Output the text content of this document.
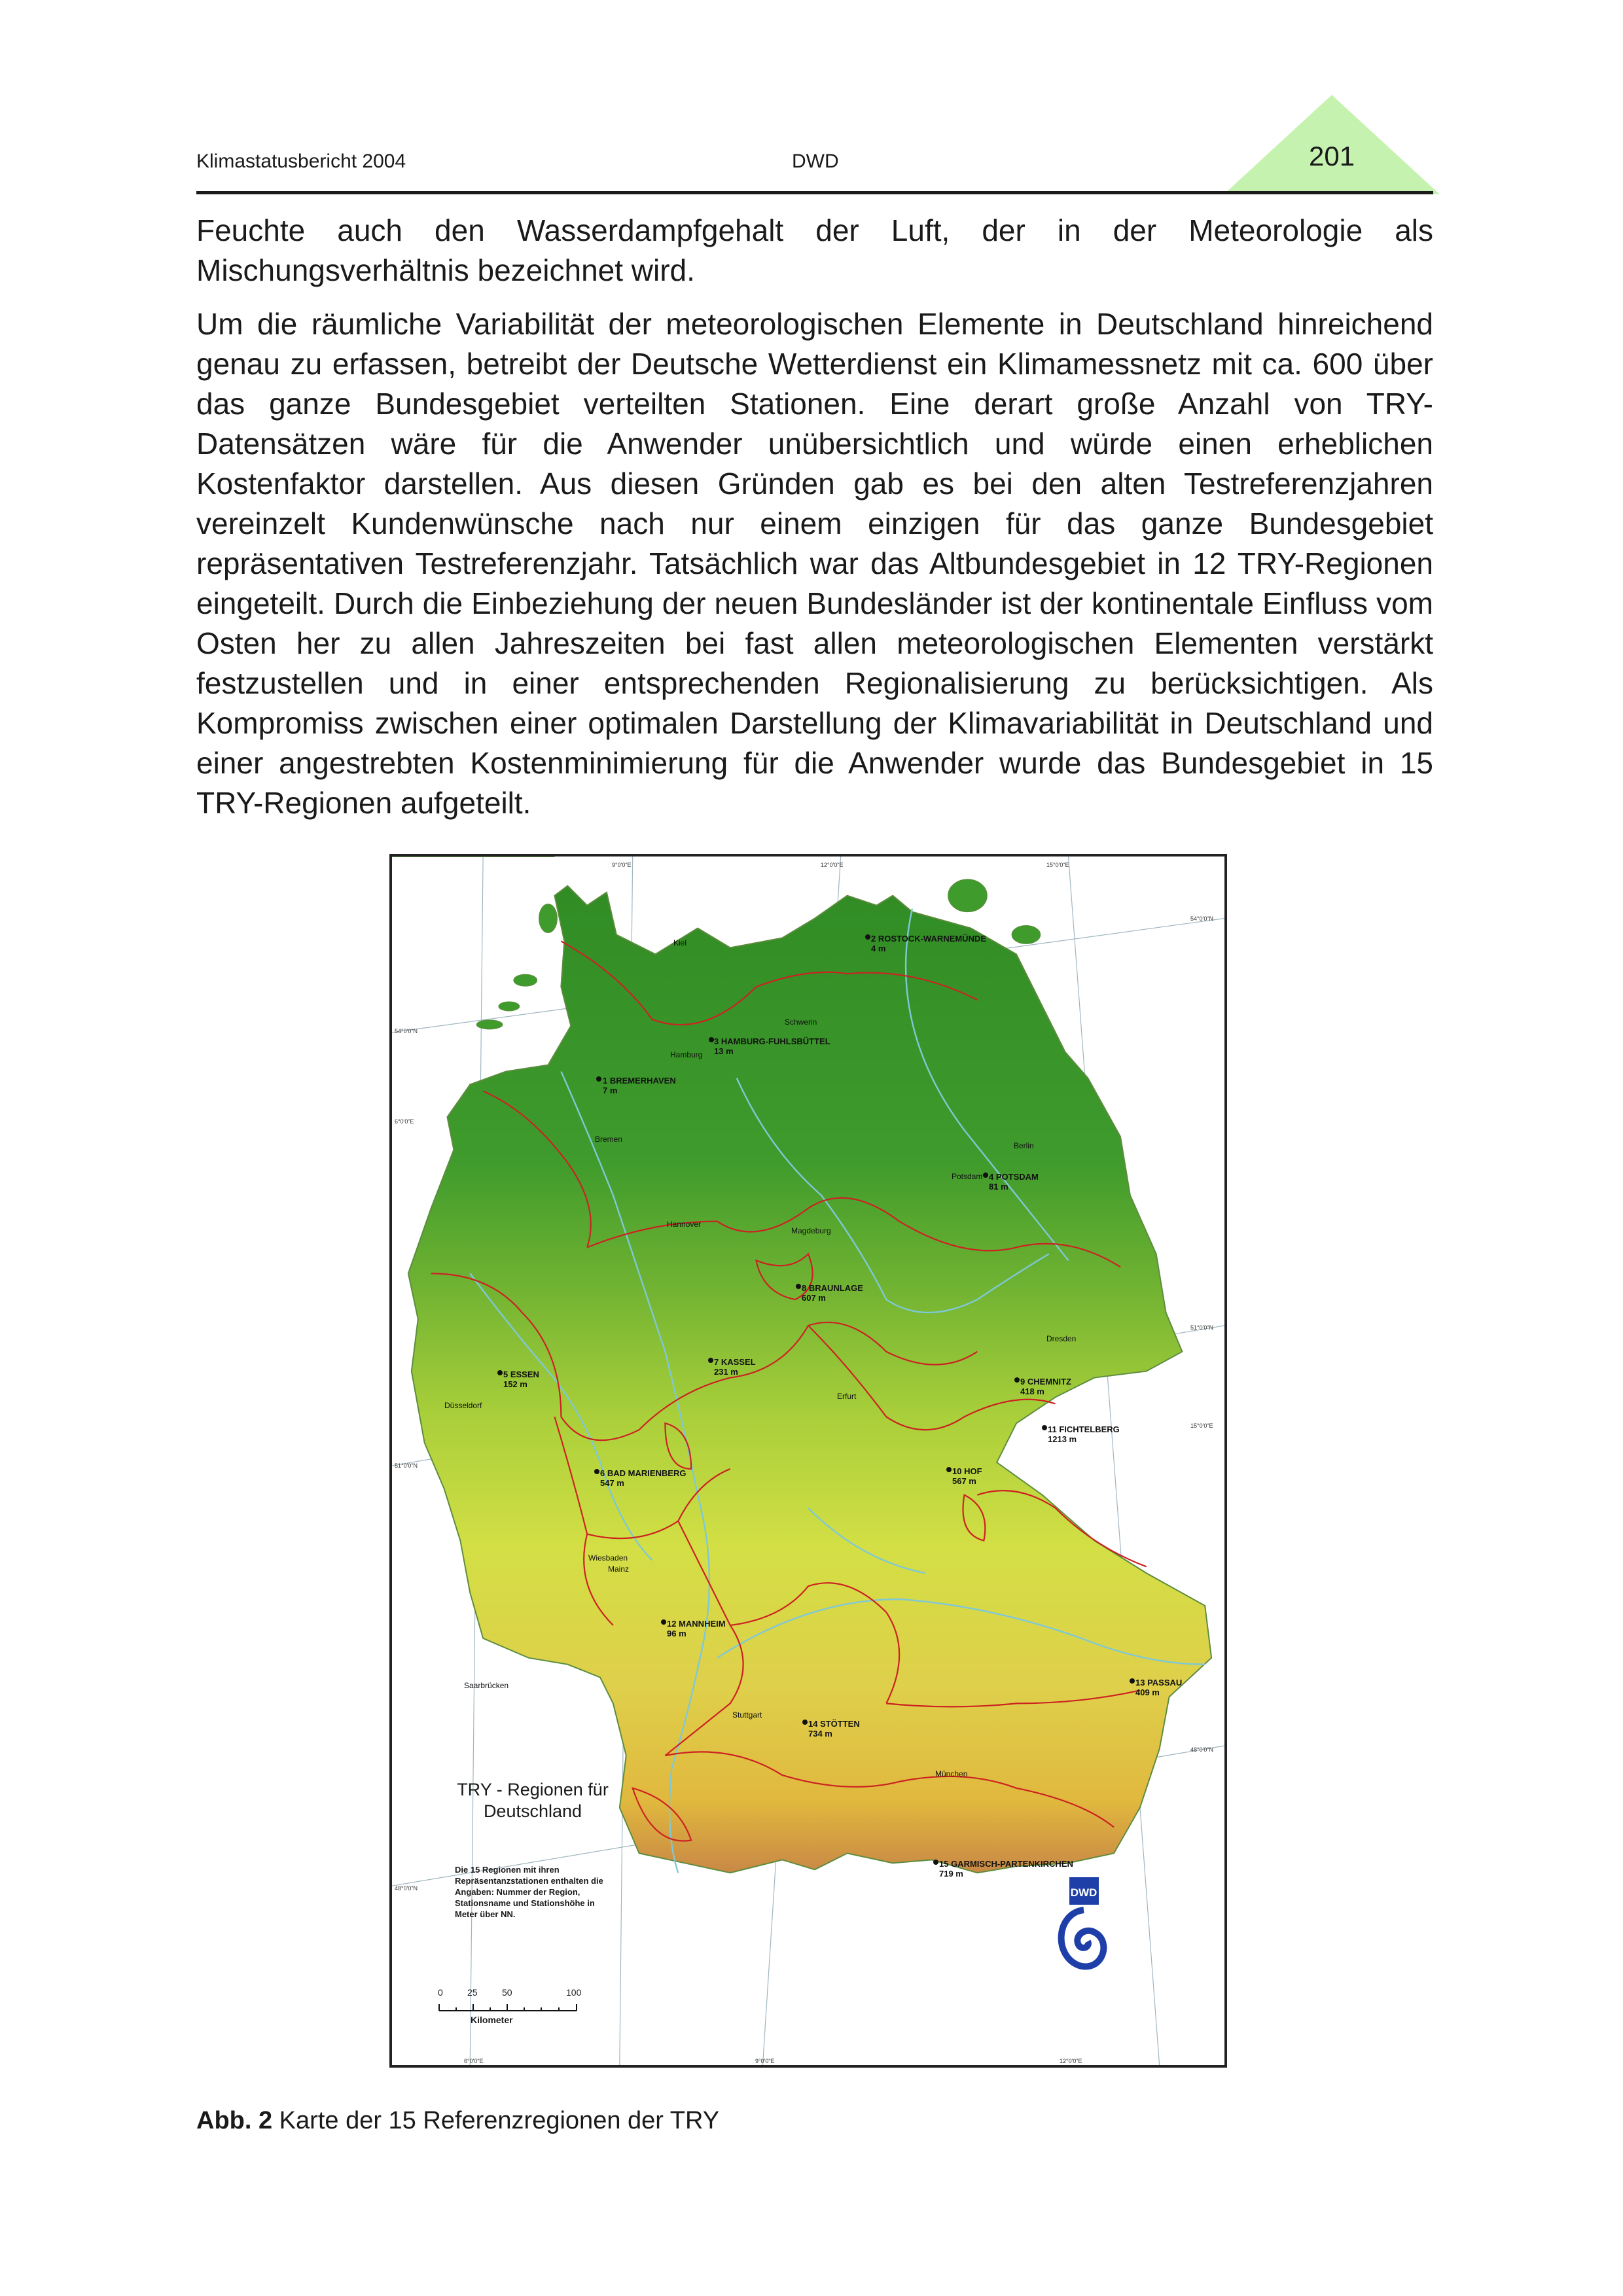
Klimastatusbericht 2004	DWD	201
Feuchte auch den Wasserdampfgehalt der Luft, der in der Meteorologie als Mischungsverhältnis bezeichnet wird.
Um die räumliche Variabilität der meteorologischen Elemente in Deutschland hinreichend genau zu erfassen, betreibt der Deutsche Wetterdienst ein Klimamessnetz mit ca. 600 über das ganze Bundesgebiet verteilten Stationen. Eine derart große Anzahl von TRY-Datensätzen wäre für die Anwender unübersichtlich und würde einen erheblichen Kostenfaktor darstellen. Aus diesen Gründen gab es bei den alten Testreferenzjahren vereinzelt Kundenwünsche nach nur einem einzigen für das ganze Bundesgebiet repräsentativen Testreferenzjahr. Tatsächlich war das Altbundesgebiet in 12 TRY-Regionen eingeteilt. Durch die Einbeziehung der neuen Bundesländer ist der kontinentale Einfluss vom Osten her zu allen Jahreszeiten bei fast allen meteorologischen Elementen verstärkt festzustellen und in einer entsprechenden Regionalisierung zu berücksichtigen. Als Kompromiss zwischen einer optimalen Darstellung der Klimavariabilität in Deutschland und einer angestrebten Kostenminimierung für die Anwender wurde das Bundesgebiet in 15 TRY-Regionen aufgeteilt.
9°0'0"E	12°0'0"E	15°0'0"E
6°0'0"E	9°0'0"E	12°0'0"E
54°0'0"N
6°0'0"E
51°0'0"N
48°0'0"N
54°0'0"N
51°0'0"N
15°0'0"E
48°0'0"N
1 BREMERHAVEN
7 m
2 ROSTOCK-WARNEMÜNDE
4 m
3 HAMBURG-FUHLSBÜTTEL
13 m
4 POTSDAM
81 m
5 ESSEN
152 m
6 BAD MARIENBERG
547 m
7 KASSEL
231 m
8 BRAUNLAGE
607 m
9 CHEMNITZ
418 m
10 HOF
567 m
11 FICHTELBERG
1213 m
12 MANNHEIM
96 m
13 PASSAU
409 m
14 STÖTTEN
734 m
15 GARMISCH-PARTENKIRCHEN
719 m
Kiel
Schwerin
Hamburg
Bremen
Hannover
Magdeburg
Berlin
Potsdam
Düsseldorf
Erfurt
Dresden
Wiesbaden
Mainz
Saarbrücken
Stuttgart
München
TRY - Regionen für Deutschland
Die 15 Regionen mit ihren Repräsentanzstationen enthalten die Angaben: Nummer der Region, Stationsname und Stationshöhe in Meter über NN.
0	25	50	100
Kilometer
DWD
Abb. 2 Karte der 15 Referenzregionen der TRY
